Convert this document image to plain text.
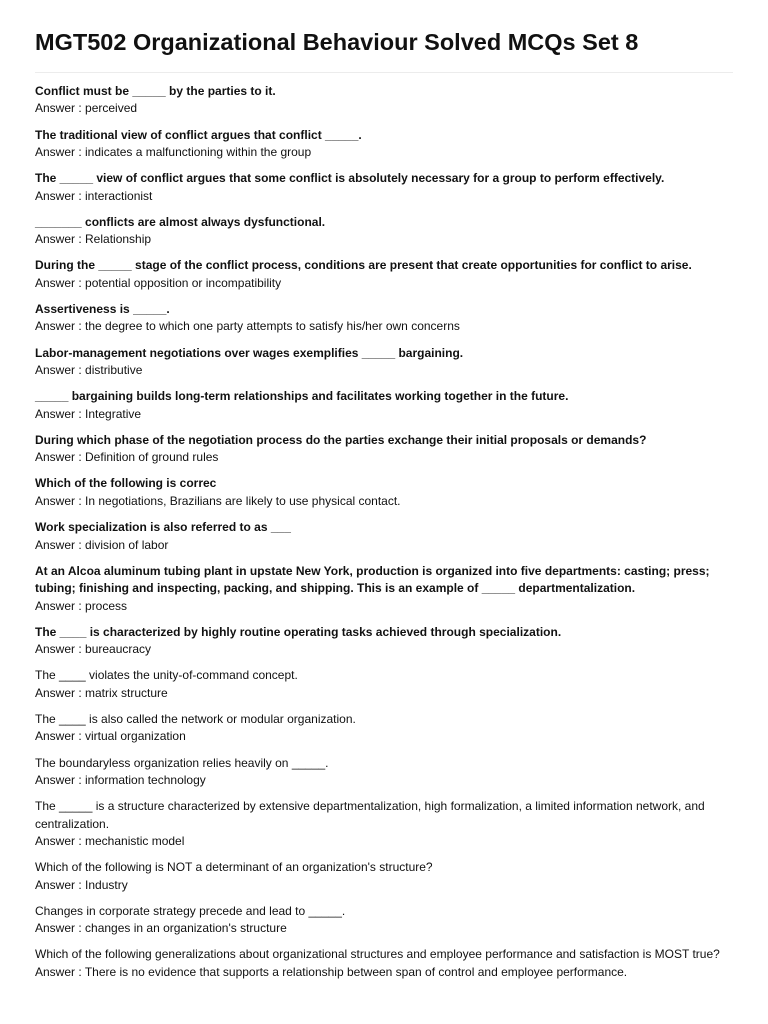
MGT502 Organizational Behaviour Solved MCQs Set 8
Conflict must be _____ by the parties to it.
Answer : perceived
The traditional view of conflict argues that conflict _____.
Answer : indicates a malfunctioning within the group
The _____ view of conflict argues that some conflict is absolutely necessary for a group to perform effectively.
Answer : interactionist
_______ conflicts are almost always dysfunctional.
Answer : Relationship
During the _____ stage of the conflict process, conditions are present that create opportunities for conflict to arise.
Answer : potential opposition or incompatibility
Assertiveness is _____.
Answer : the degree to which one party attempts to satisfy his/her own concerns
Labor-management negotiations over wages exemplifies _____ bargaining.
Answer : distributive
_____ bargaining builds long-term relationships and facilitates working together in the future.
Answer : Integrative
During which phase of the negotiation process do the parties exchange their initial proposals or demands?
Answer : Definition of ground rules
Which of the following is correc
Answer : In negotiations, Brazilians are likely to use physical contact.
Work specialization is also referred to as ___
Answer : division of labor
At an Alcoa aluminum tubing plant in upstate New York, production is organized into five departments: casting; press; tubing; finishing and inspecting, packing, and shipping. This is an example of _____ departmentalization.
Answer : process
The ____ is characterized by highly routine operating tasks achieved through specialization.
Answer : bureaucracy
The ____ violates the unity-of-command concept.
Answer : matrix structure
The ____ is also called the network or modular organization.
Answer : virtual organization
The boundaryless organization relies heavily on _____.
Answer : information technology
The _____ is a structure characterized by extensive departmentalization, high formalization, a limited information network, and centralization.
Answer : mechanistic model
Which of the following is NOT a determinant of an organization's structure?
Answer : Industry
Changes in corporate strategy precede and lead to _____.
Answer : changes in an organization's structure
Which of the following generalizations about organizational structures and employee performance and satisfaction is MOST true?
Answer : There is no evidence that supports a relationship between span of control and employee performance.
